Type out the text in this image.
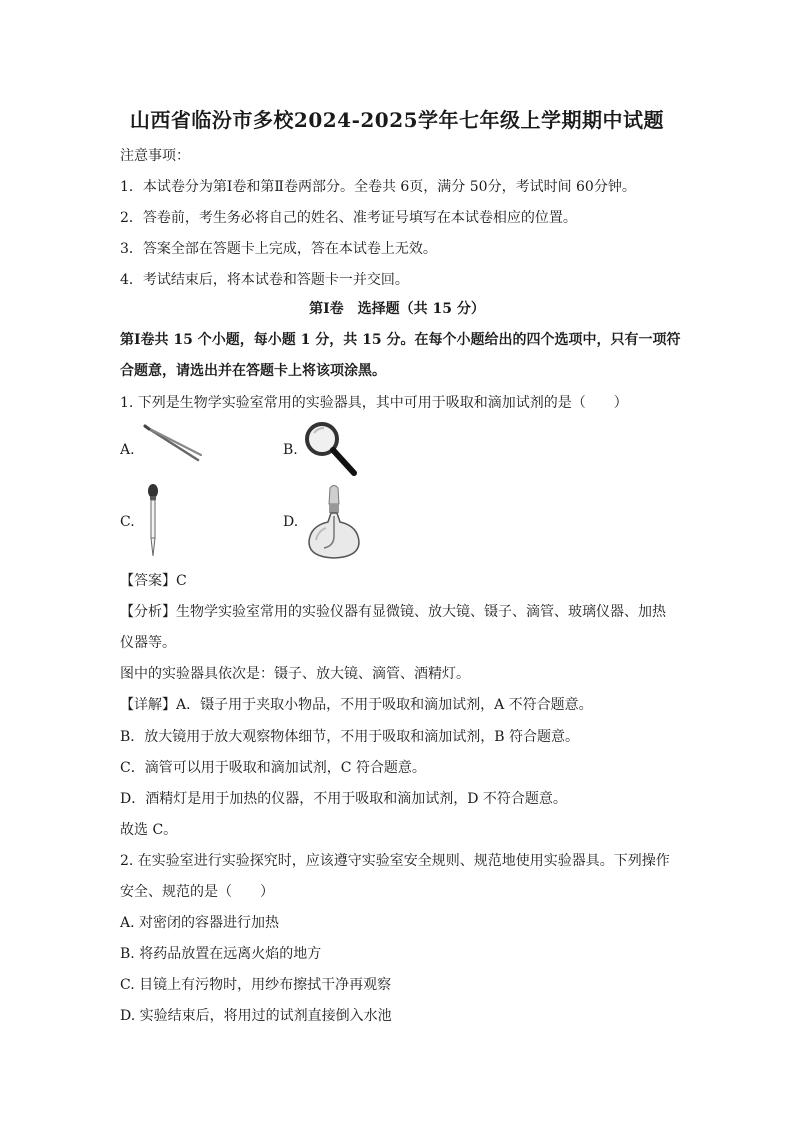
山西省临汾市多校2024-2025学年七年级上学期期中试题
注意事项：
1．本试卷分为第Ⅰ卷和第Ⅱ卷两部分。全卷共 6页，满分 50分，考试时间 60分钟。
2．答卷前，考生务必将自己的姓名、准考证号填写在本试卷相应的位置。
3．答案全部在答题卡上完成，答在本试卷上无效。
4．考试结束后，将本试卷和答题卡一并交回。
第Ⅰ卷　选择题（共 15 分）
第Ⅰ卷共 15 个小题，每小题 1 分，共 15 分。在每个小题给出的四个选项中，只有一项符
合题意，请选出并在答题卡上将该项涂黑。
1. 下列是生物学实验室常用的实验器具，其中可用于吸取和滴加试剂的是（　　）
A.	B.
C.	D.
【答案】C
【分析】生物学实验室常用的实验仪器有显微镜、放大镜、镊子、滴管、玻璃仪器、加热
仪器等。
图中的实验器具依次是：镊子、放大镜、滴管、酒精灯。
【详解】A．镊子用于夹取小物品，不用于吸取和滴加试剂，A 不符合题意。
B．放大镜用于放大观察物体细节，不用于吸取和滴加试剂，B 符合题意。
C．滴管可以用于吸取和滴加试剂，C 符合题意。
D．酒精灯是用于加热的仪器，不用于吸取和滴加试剂，D 不符合题意。
故选 C。
2. 在实验室进行实验探究时，应该遵守实验室安全规则、规范地使用实验器具。下列操作
安全、规范的是（　　）
A. 对密闭的容器进行加热
B. 将药品放置在远离火焰的地方
C. 目镜上有污物时，用纱布擦拭干净再观察
D. 实验结束后，将用过的试剂直接倒入水池
